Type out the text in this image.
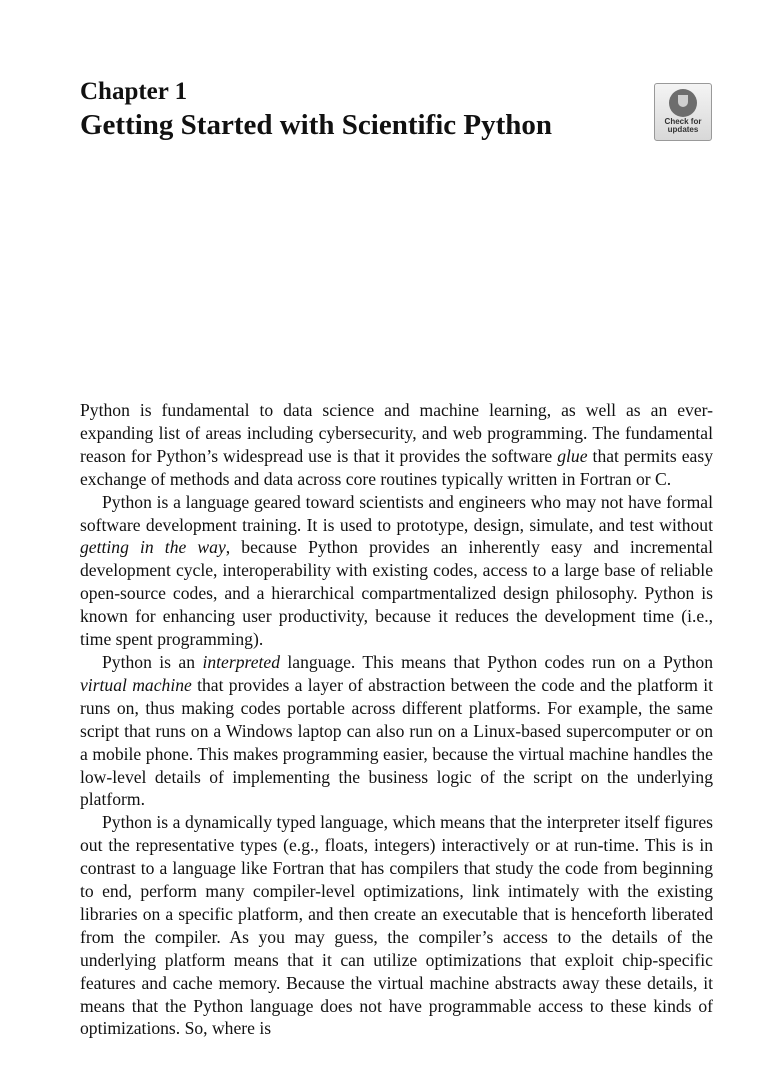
Chapter 1
Getting Started with Scientific Python	Check for updates

Python is fundamental to data science and machine learning, as well as an ever-expanding list of areas including cybersecurity, and web programming. The fundamental reason for Python’s widespread use is that it provides the software glue that permits easy exchange of methods and data across core routines typically written in Fortran or C.

Python is a language geared toward scientists and engineers who may not have formal software development training. It is used to prototype, design, simulate, and test without getting in the way, because Python provides an inherently easy and incremental development cycle, interoperability with existing codes, access to a large base of reliable open-source codes, and a hierarchical compartmentalized design philosophy. Python is known for enhancing user productivity, because it reduces the development time (i.e., time spent programming).

Python is an interpreted language. This means that Python codes run on a Python virtual machine that provides a layer of abstraction between the code and the platform it runs on, thus making codes portable across different platforms. For example, the same script that runs on a Windows laptop can also run on a Linux-based supercomputer or on a mobile phone. This makes programming easier, because the virtual machine handles the low-level details of implementing the business logic of the script on the underlying platform.

Python is a dynamically typed language, which means that the interpreter itself figures out the representative types (e.g., floats, integers) interactively or at run-time. This is in contrast to a language like Fortran that has compilers that study the code from beginning to end, perform many compiler-level optimizations, link intimately with the existing libraries on a specific platform, and then create an executable that is henceforth liberated from the compiler. As you may guess, the compiler’s access to the details of the underlying platform means that it can utilize optimizations that exploit chip-specific features and cache memory. Because the virtual machine abstracts away these details, it means that the Python language does not have programmable access to these kinds of optimizations. So, where is
